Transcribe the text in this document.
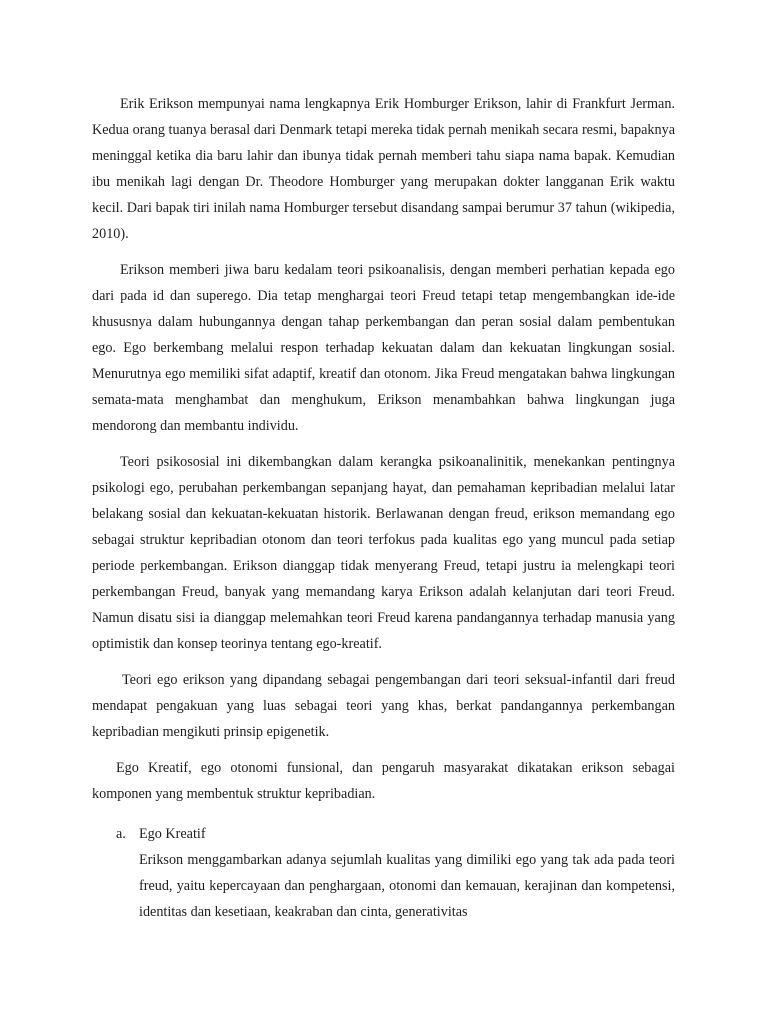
Erik Erikson mempunyai nama lengkapnya Erik Homburger Erikson, lahir di Frankfurt Jerman. Kedua orang tuanya berasal dari Denmark tetapi mereka tidak pernah menikah secara resmi, bapaknya meninggal ketika dia baru lahir dan ibunya tidak pernah memberi tahu siapa nama bapak. Kemudian ibu menikah lagi dengan Dr. Theodore Homburger yang merupakan dokter langganan Erik waktu kecil. Dari bapak tiri inilah nama Homburger tersebut disandang sampai berumur 37 tahun (wikipedia, 2010).

Erikson memberi jiwa baru kedalam teori psikoanalisis, dengan memberi perhatian kepada ego dari pada id dan superego. Dia tetap menghargai teori Freud tetapi tetap mengembangkan ide-ide khususnya dalam hubungannya dengan tahap perkembangan dan peran sosial dalam pembentukan ego. Ego berkembang melalui respon terhadap kekuatan dalam dan kekuatan lingkungan sosial. Menurutnya ego memiliki sifat adaptif, kreatif dan otonom. Jika Freud mengatakan bahwa lingkungan semata-mata menghambat dan menghukum, Erikson menambahkan bahwa lingkungan juga mendorong dan membantu individu.

Teori psikososial ini dikembangkan dalam kerangka psikoanalinitik, menekankan pentingnya psikologi ego, perubahan perkembangan sepanjang hayat, dan pemahaman kepribadian melalui latar belakang sosial dan kekuatan-kekuatan historik. Berlawanan dengan freud, erikson memandang ego sebagai struktur kepribadian otonom dan teori terfokus pada kualitas ego yang muncul pada setiap periode perkembangan. Erikson dianggap tidak menyerang Freud, tetapi justru ia melengkapi teori perkembangan Freud, banyak yang memandang karya Erikson adalah kelanjutan dari teori Freud. Namun disatu sisi ia dianggap melemahkan teori Freud karena pandangannya terhadap manusia yang optimistik dan konsep teorinya tentang ego-kreatif.

Teori ego erikson yang dipandang sebagai pengembangan dari teori seksual-infantil dari freud mendapat pengakuan yang luas sebagai teori yang khas, berkat pandangannya perkembangan kepribadian mengikuti prinsip epigenetik.

Ego Kreatif, ego otonomi funsional, dan pengaruh masyarakat dikatakan erikson sebagai komponen yang membentuk struktur kepribadian.

a. Ego Kreatif

Erikson menggambarkan adanya sejumlah kualitas yang dimiliki ego yang tak ada pada teori freud, yaitu kepercayaan dan penghargaan, otonomi dan kemauan, kerajinan dan kompetensi, identitas dan kesetiaan, keakraban dan cinta, generativitas
